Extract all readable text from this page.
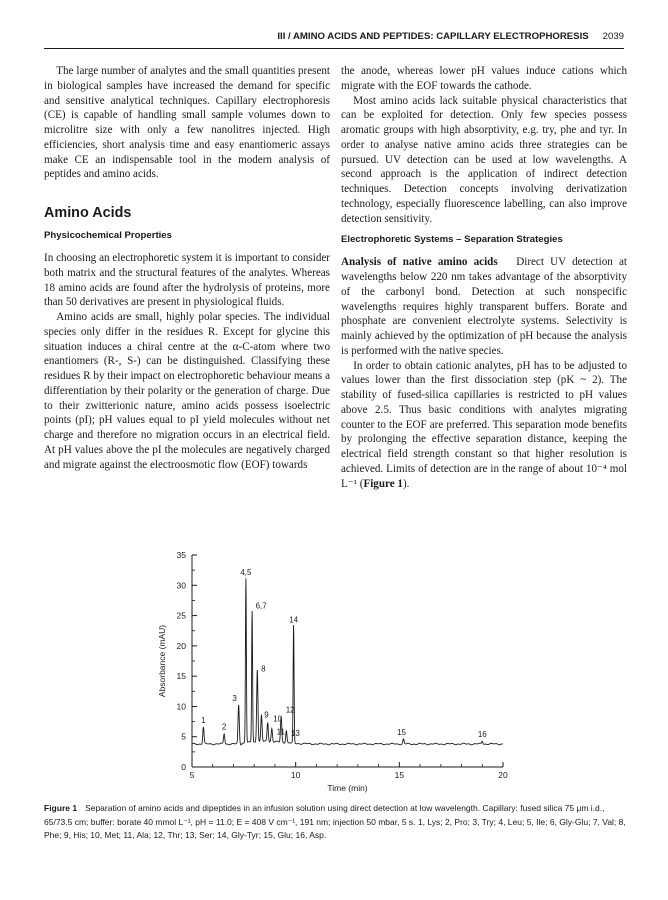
III / AMINO ACIDS AND PEPTIDES: CAPILLARY ELECTROPHORESIS 2039

The large number of analytes and the small quantities present in biological samples have increased the demand for specific and sensitive analytical techniques. Capillary electrophoresis (CE) is capable of handling small sample volumes down to microlitre size with only a few nanolitres injected. High efficiencies, short analysis time and easy enantiomeric assays make CE an indispensable tool in the modern analysis of peptides and amino acids.

Amino Acids
Physicochemical Properties

In choosing an electrophoretic system it is important to consider both matrix and the structural features of the analytes. Whereas 18 amino acids are found after the hydrolysis of proteins, more than 50 derivatives are present in physiological fluids.

Amino acids are small, highly polar species. The individual species only differ in the residues R. Except for glycine this situation induces a chiral centre at the α-C-atom where two enantiomers (R-, S-) can be distinguished. Classifying these residues R by their impact on electrophoretic behaviour means a differentiation by their polarity or the generation of charge. Due to their zwitterionic nature, amino acids possess isoelectric points (pI); pH values equal to pI yield molecules without net charge and therefore no migration occurs in an electrical field. At pH values above the pI the molecules are negatively charged and migrate against the electroosmotic flow (EOF) towards

the anode, whereas lower pH values induce cations which migrate with the EOF towards the cathode.

Most amino acids lack suitable physical characteristics that can be exploited for detection. Only few species possess aromatic groups with high absorptivity, e.g. try, phe and tyr. In order to analyse native amino acids three strategies can be pursued. UV detection can be used at low wavelengths. A second approach is the application of indirect detection techniques. Detection concepts involving derivatization technology, especially fluorescence labelling, can also improve detection sensitivity.

Electrophoretic Systems – Separation Strategies

Analysis of native amino acids Direct UV detection at wavelengths below 220 nm takes advantage of the absorptivity of the carbonyl bond. Detection at such nonspecific wavelengths requires highly transparent buffers. Borate and phosphate are convenient electrolyte systems. Selectivity is mainly achieved by the optimization of pH because the analysis is performed with the native species.

In order to obtain cationic analytes, pH has to be adjusted to values lower than the first dissociation step (pK ~ 2). The stability of fused-silica capillaries is restricted to pH values above 2.5. Thus basic conditions with analytes migrating counter to the EOF are preferred. This separation mode benefits by prolonging the effective separation distance, keeping the electrical field strength constant so that higher resolution is achieved. Limits of detection are in the range of about 10⁻⁴ mol L⁻¹ (Figure 1).

0
5
10
15
20
25
30
35
5	10	15	20
Time (min)
Absorbance (mAU)
1
2
3
4,5
6,7
8
9 10
11
12
13
14
15	16
Figure 1 Separation of amino acids and dipeptides in an infusion solution using direct detection at low wavelength. Capillary: fused silica 75 μm i.d., 65/73.5 cm; buffer: borate 40 mmol L⁻¹, pH = 11.0; E = 408 V cm⁻¹, 191 nm; injection 50 mbar, 5 s. 1, Lys; 2, Pro; 3, Try; 4, Leu; 5, Ile; 6, Gly-Glu; 7, Val; 8, Phe; 9, His; 10, Met; 11, Ala; 12, Thr; 13, Ser; 14, Gly-Tyr; 15, Glu; 16, Asp.
